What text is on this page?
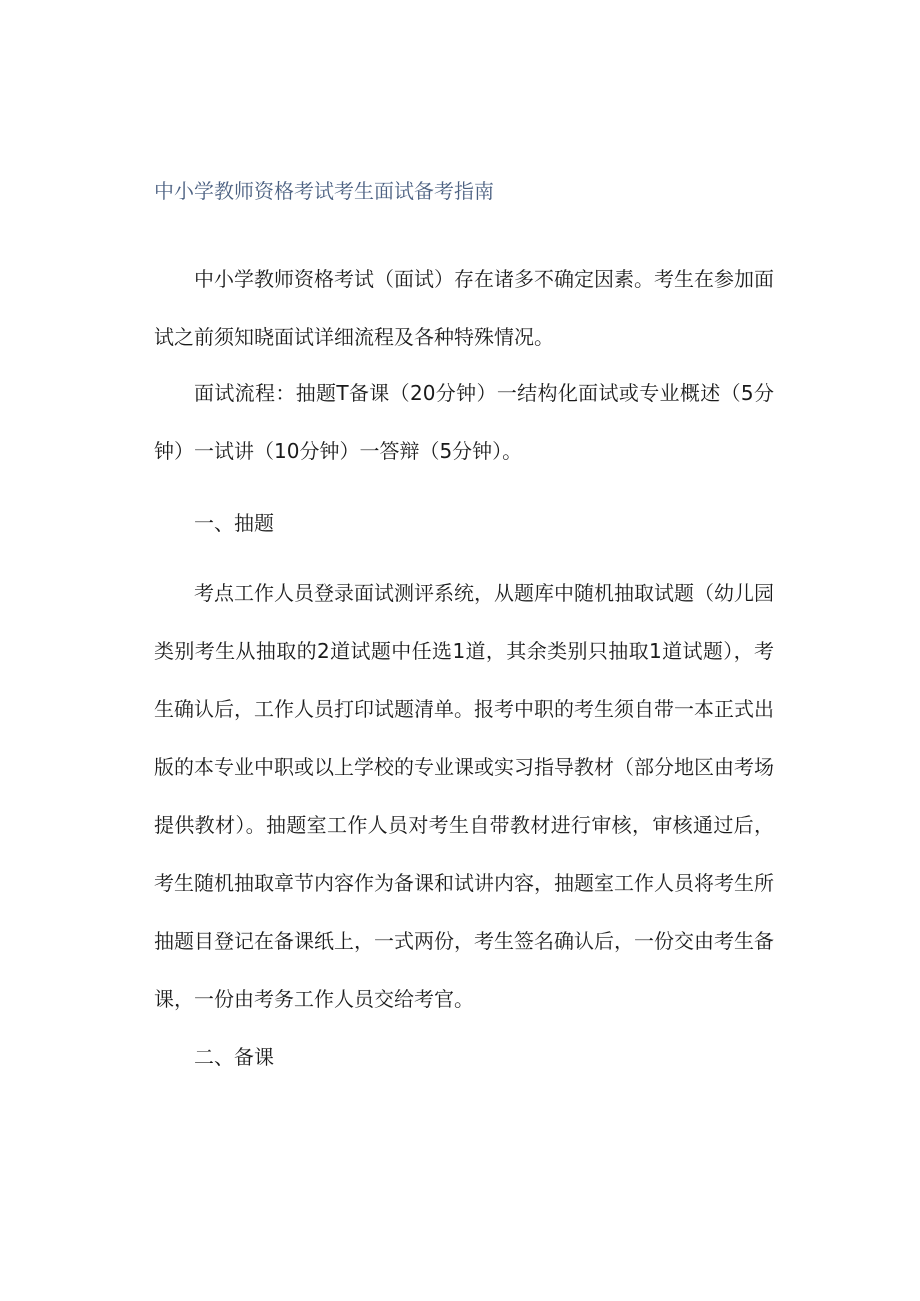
中小学教师资格考试考生面试备考指南

中小学教师资格考试（面试）存在诸多不确定因素。考生在参加面试之前须知晓面试详细流程及各种特殊情况。

面试流程：抽题T备课（20分钟）一结构化面试或专业概述（5分钟）一试讲（10分钟）一答辩（5分钟）。

一、抽题

考点工作人员登录面试测评系统，从题库中随机抽取试题（幼儿园类别考生从抽取的2道试题中任选1道，其余类别只抽取1道试题），考生确认后，工作人员打印试题清单。报考中职的考生须自带一本正式出版的本专业中职或以上学校的专业课或实习指导教材（部分地区由考场提供教材）。抽题室工作人员对考生自带教材进行审核，审核通过后，考生随机抽取章节内容作为备课和试讲内容，抽题室工作人员将考生所抽题目登记在备课纸上，一式两份，考生签名确认后，一份交由考生备课，一份由考务工作人员交给考官。

二、备课
